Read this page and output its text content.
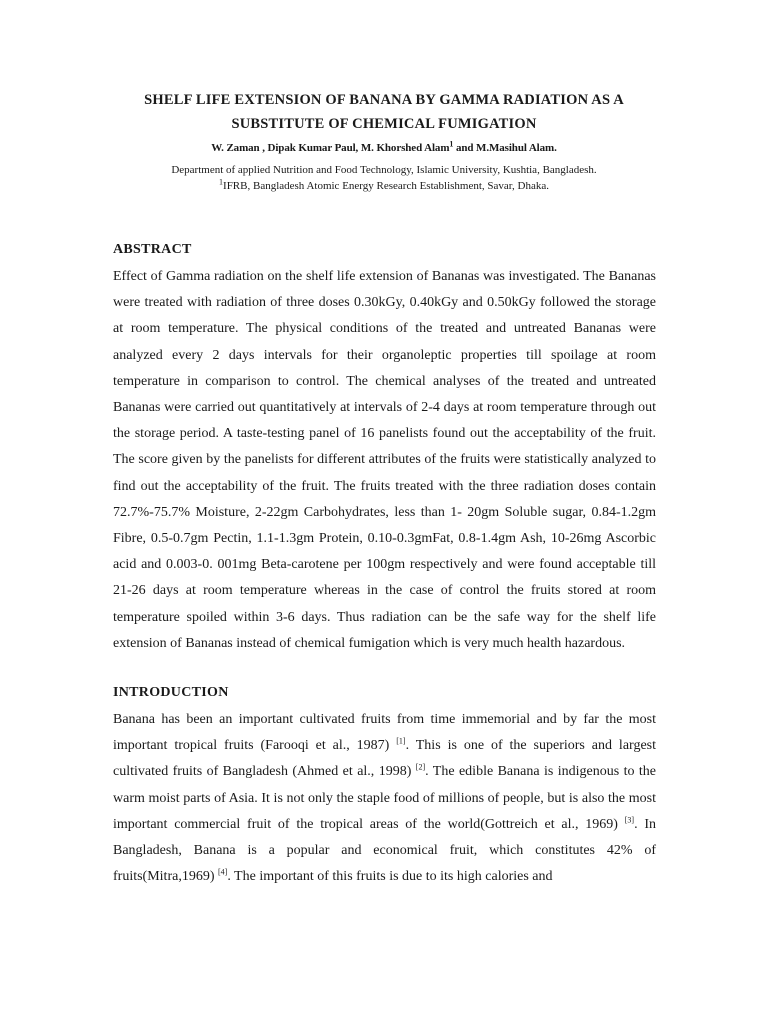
SHELF LIFE EXTENSION OF BANANA BY GAMMA RADIATION AS A
SUBSTITUTE OF CHEMICAL FUMIGATION
W. Zaman , Dipak Kumar Paul, M. Khorshed Alam$^1$ and M.Masihul Alam.
Department of applied Nutrition and Food Technology, Islamic University, Kushtia, Bangladesh.
$^1$IFRB, Bangladesh Atomic Energy Research Establishment, Savar, Dhaka.
ABSTRACT
Effect of Gamma radiation on the shelf life extension of Bananas was investigated. The Bananas were treated with radiation of three doses 0.30kGy, 0.40kGy and 0.50kGy followed the storage at room temperature. The physical conditions of the treated and untreated Bananas were analyzed every 2 days intervals for their organoleptic properties till spoilage at room temperature in comparison to control. The chemical analyses of the treated and untreated Bananas were carried out quantitatively at intervals of 2-4 days at room temperature through out the storage period. A taste-testing panel of 16 panelists found out the acceptability of the fruit. The score given by the panelists for different attributes of the fruits were statistically analyzed to find out the acceptability of the fruit. The fruits treated with the three radiation doses contain 72.7%-75.7% Moisture, 2-22gm Carbohydrates, less than 1- 20gm Soluble sugar, 0.84-1.2gm Fibre, 0.5-0.7gm Pectin, 1.1-1.3gm Protein, 0.10-0.3gmFat, 0.8-1.4gm Ash, 10-26mg Ascorbic acid and 0.003-0. 001mg Beta-carotene per 100gm respectively and were found acceptable till 21-26 days at room temperature whereas in the case of control the fruits stored at room temperature spoiled within 3-6 days. Thus radiation can be the safe way for the shelf life extension of Bananas instead of chemical fumigation which is very much health hazardous.
INTRODUCTION
Banana has been an important cultivated fruits from time immemorial and by far the most important tropical fruits (Farooqi et al., 1987) [1]. This is one of the superiors and largest cultivated fruits of Bangladesh (Ahmed et al., 1998) [2]. The edible Banana is indigenous to the warm moist parts of Asia. It is not only the staple food of millions of people, but is also the most important commercial fruit of the tropical areas of the world(Gottreich et al., 1969) [3]. In Bangladesh, Banana is a popular and economical fruit, which constitutes 42% of fruits(Mitra,1969) [4]. The important of this fruits is due to its high calories and
